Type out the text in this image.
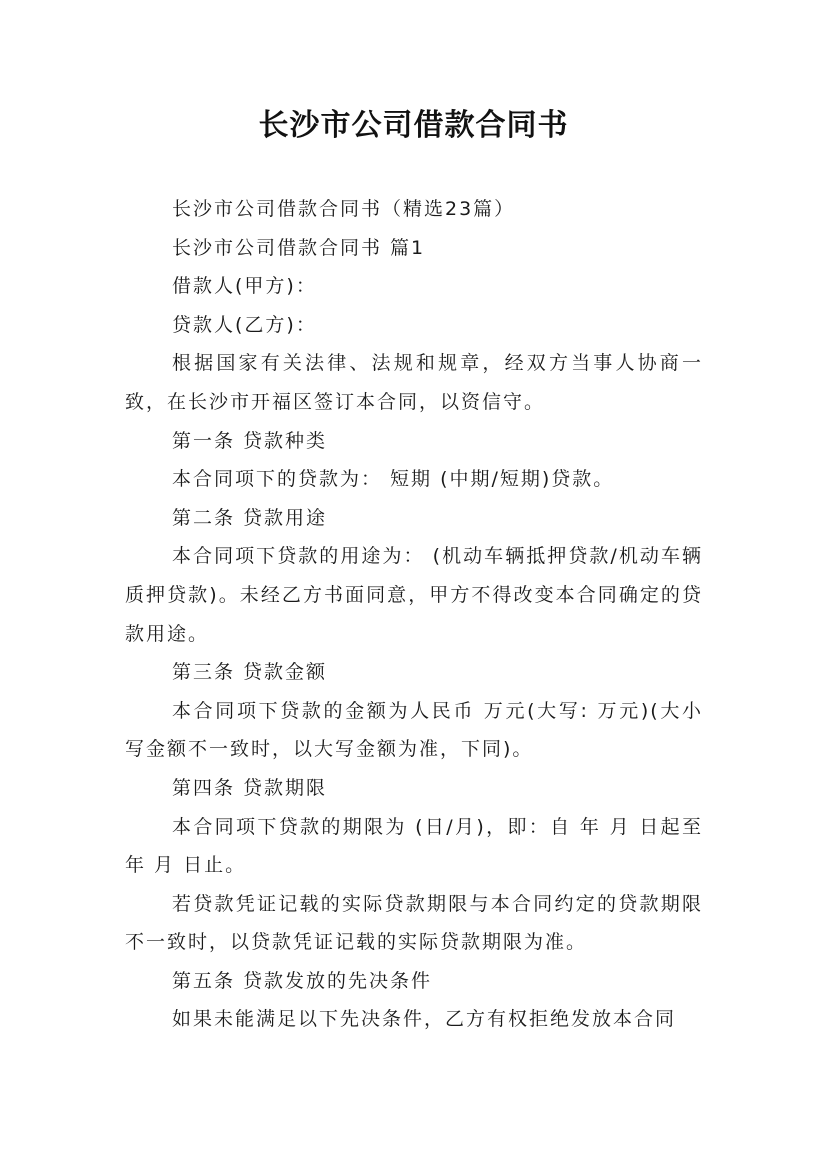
长沙市公司借款合同书

长沙市公司借款合同书（精选23篇）

长沙市公司借款合同书 篇1

借款人(甲方)：

贷款人(乙方)：

根据国家有关法律、法规和规章，经双方当事人协商一致，在长沙市开福区签订本合同，以资信守。

第一条 贷款种类

本合同项下的贷款为： 短期 (中期/短期)贷款。

第二条 贷款用途

本合同项下贷款的用途为： (机动车辆抵押贷款/机动车辆质押贷款)。未经乙方书面同意，甲方不得改变本合同确定的贷款用途。

第三条 贷款金额

本合同项下贷款的金额为人民币 万元(大写: 万元)(大小写金额不一致时，以大写金额为准，下同)。

第四条 贷款期限

本合同项下贷款的期限为 (日/月)，即：自 年 月 日起至 年 月 日止。

若贷款凭证记载的实际贷款期限与本合同约定的贷款期限不一致时，以贷款凭证记载的实际贷款期限为准。

第五条 贷款发放的先决条件

如果未能满足以下先决条件，乙方有权拒绝发放本合同
